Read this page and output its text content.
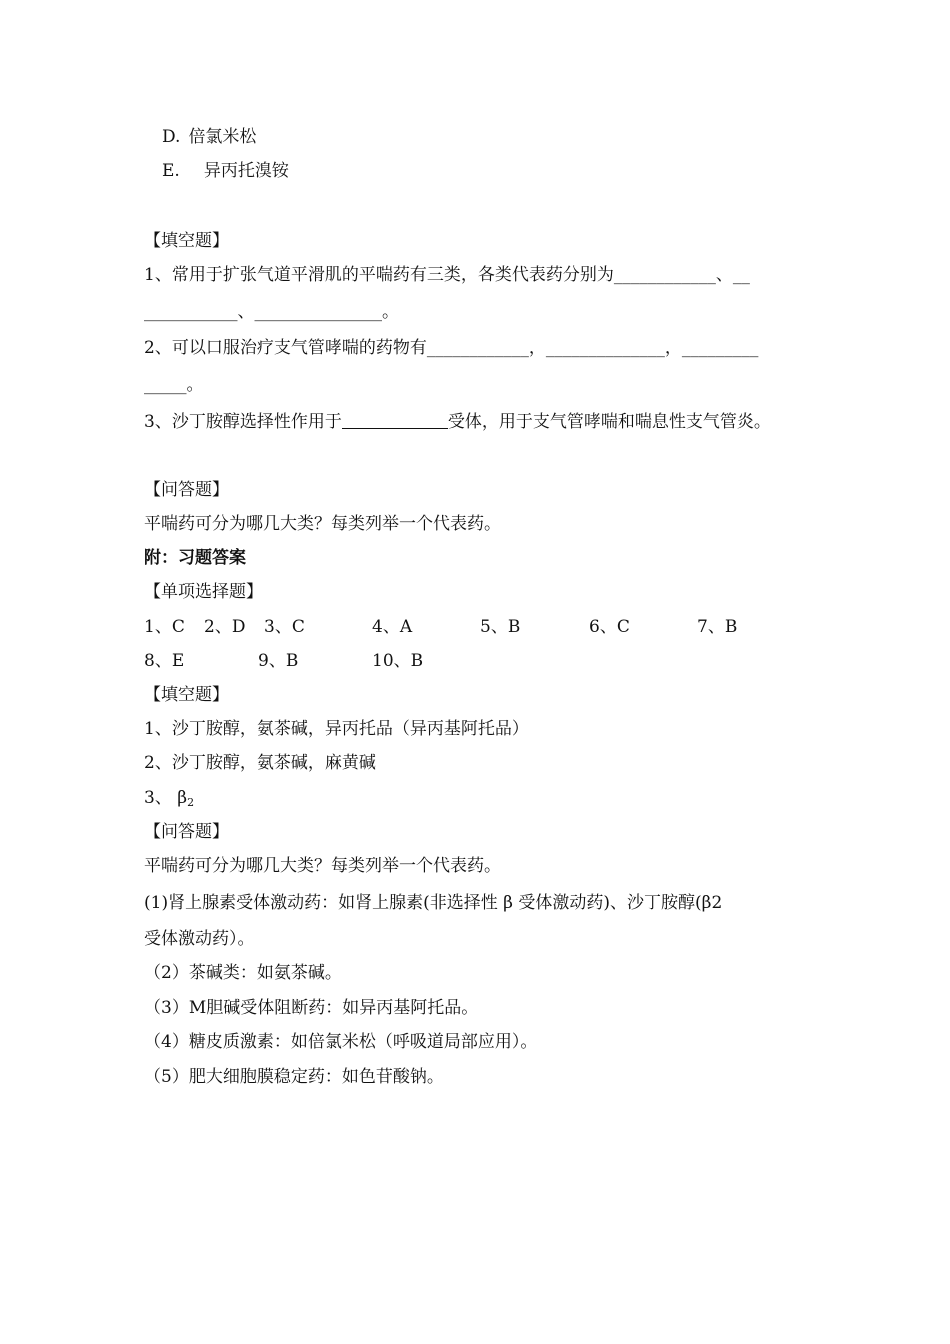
D. 倍氯米松
E. 异丙托溴铵
【填空题】
1、常用于扩张气道平滑肌的平喘药有三类，各类代表药分别为____________、__
___________、_______________。
2、可以口服治疗支气管哮喘的药物有____________，______________，_________
_____。
3、沙丁胺醇选择性作用于	受体，用于支气管哮喘和喘息性支气管炎。
【问答题】
平喘药可分为哪几大类？每类列举一个代表药。
附：习题答案
【单项选择题】
1、C 2、D 3、C	4、A	5、B	6、C	7、B
8、E	9、B	10、B
【填空题】
1、沙丁胺醇，氨茶碱，异丙托品（异丙基阿托品）
2、沙丁胺醇，氨茶碱，麻黄碱
3、 $\beta_2$
【问答题】
平喘药可分为哪几大类？每类列举一个代表药。
(1)肾上腺素受体激动药：如肾上腺素(非选择性 β 受体激动药)、沙丁胺醇(β2
受体激动药）。
（2）茶碱类：如氨茶碱。
（3）M胆碱受体阻断药：如异丙基阿托品。
（4）糖皮质激素：如倍氯米松（呼吸道局部应用）。
（5）肥大细胞膜稳定药：如色苷酸钠。
